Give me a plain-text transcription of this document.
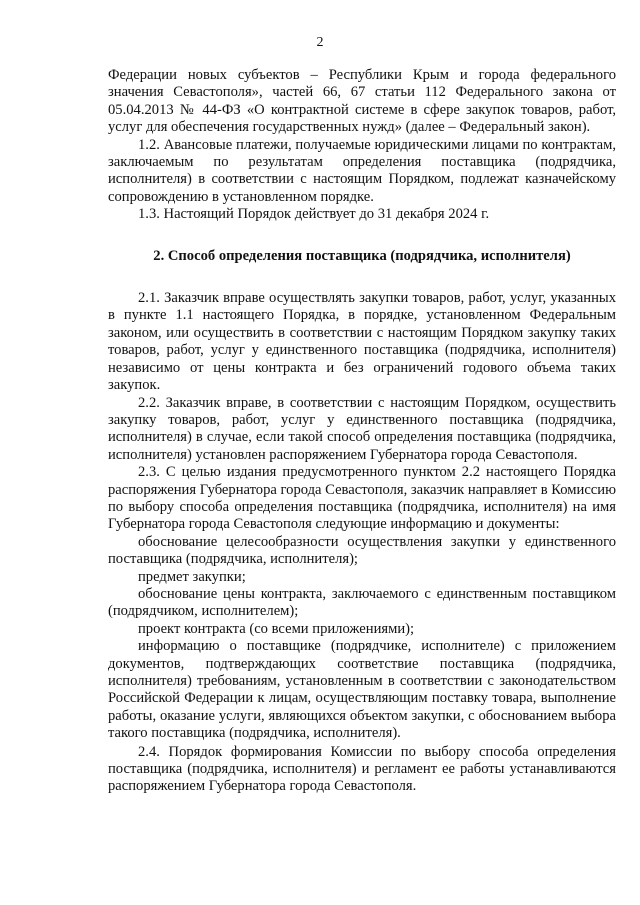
2

Федерации новых субъектов – Республики Крым и города федерального значения Севастополя», частей 66, 67 статьи 112 Федерального закона от 05.04.2013 № 44-ФЗ «О контрактной системе в сфере закупок товаров, работ, услуг для обеспечения государственных нужд» (далее – Федеральный закон).

1.2. Авансовые платежи, получаемые юридическими лицами по контрактам, заключаемым по результатам определения поставщика (подрядчика, исполнителя) в соответствии с настоящим Порядком, подлежат казначейскому сопровождению в установленном порядке.

1.3. Настоящий Порядок действует до 31 декабря 2024 г.

2. Способ определения поставщика (подрядчика, исполнителя)

2.1. Заказчик вправе осуществлять закупки товаров, работ, услуг, указанных в пункте 1.1 настоящего Порядка, в порядке, установленном Федеральным законом, или осуществить в соответствии с настоящим Порядком закупку таких товаров, работ, услуг у единственного поставщика (подрядчика, исполнителя) независимо от цены контракта и без ограничений годового объема таких закупок.

2.2. Заказчик вправе, в соответствии с настоящим Порядком, осуществить закупку товаров, работ, услуг у единственного поставщика (подрядчика, исполнителя) в случае, если такой способ определения поставщика (подрядчика, исполнителя) установлен распоряжением Губернатора города Севастополя.

2.3. С целью издания предусмотренного пунктом 2.2 настоящего Порядка распоряжения Губернатора города Севастополя, заказчик направляет в Комиссию по выбору способа определения поставщика (подрядчика, исполнителя) на имя Губернатора города Севастополя следующие информацию и документы:

обоснование целесообразности осуществления закупки у единственного поставщика (подрядчика, исполнителя);

предмет закупки;

обоснование цены контракта, заключаемого с единственным поставщиком (подрядчиком, исполнителем);

проект контракта (со всеми приложениями);

информацию о поставщике (подрядчике, исполнителе) с приложением документов, подтверждающих соответствие поставщика (подрядчика, исполнителя) требованиям, установленным в соответствии с законодательством Российской Федерации к лицам, осуществляющим поставку товара, выполнение работы, оказание услуги, являющихся объектом закупки, с обоснованием выбора такого поставщика (подрядчика, исполнителя).

2.4. Порядок формирования Комиссии по выбору способа определения поставщика (подрядчика, исполнителя) и регламент ее работы устанавливаются распоряжением Губернатора города Севастополя.
